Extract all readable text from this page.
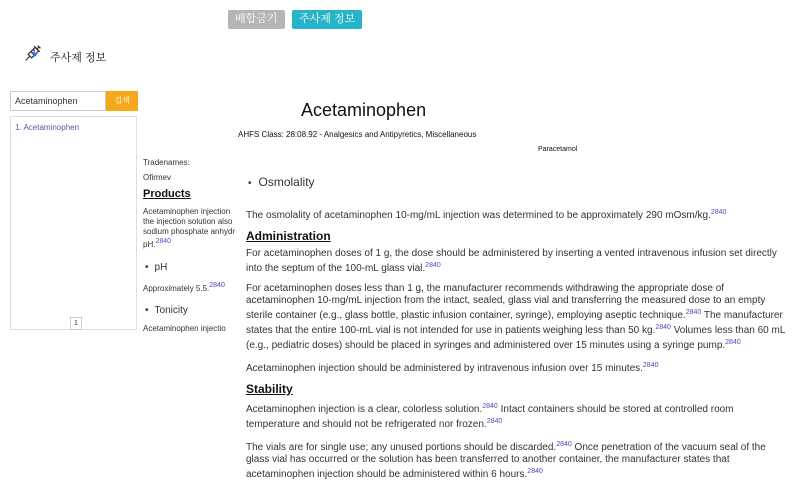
배합금기	주사제 정보
주사제 정보
Acetaminophen
검색
1. Acetaminophen
1
Tradenames:
Ofirmev
Products
Acetaminophen injection
the injection solution also
sodium phosphate anhydr
pH.$^{2840}$
• pH
Approximately 5.5.$^{2840}$
• Tonicity
Acetaminophen injectio
Acetaminophen
AHFS Class: 28:08.92 - Analgesics and Antipyretics, Miscellaneous
Paracetamol
• Osmolality

The osmolality of acetaminophen 10-mg/mL injection was determined to be approximately 290 mOsm/kg.$^{2840}$

Administration

For acetaminophen doses of 1 g, the dose should be administered by inserting a vented intravenous infusion set directly into the septum of the 100-mL glass vial.$^{2840}$

For acetaminophen doses less than 1 g, the manufacturer recommends withdrawing the appropriate dose of acetaminophen 10-mg/mL injection from the intact, sealed, glass vial and transferring the measured dose to an empty sterile container (e.g., glass bottle, plastic infusion container, syringe), employing aseptic technique.$^{2840}$ The manufacturer states that the entire 100-mL vial is not intended for use in patients weighing less than 50 kg.$^{2840}$ Volumes less than 60 mL (e.g., pediatric doses) should be placed in syringes and administered over 15 minutes using a syringe pump.$^{2840}$

Acetaminophen injection should be administered by intravenous infusion over 15 minutes.$^{2840}$

Stability

Acetaminophen injection is a clear, colorless solution.$^{2840}$ Intact containers should be stored at controlled room temperature and should not be refrigerated nor frozen.$^{2840}$

The vials are for single use; any unused portions should be discarded.$^{2840}$ Once penetration of the vacuum seal of the glass vial has occurred or the solution has been transferred to another container, the manufacturer states that acetaminophen injection should be administered within 6 hours.$^{2840}$
